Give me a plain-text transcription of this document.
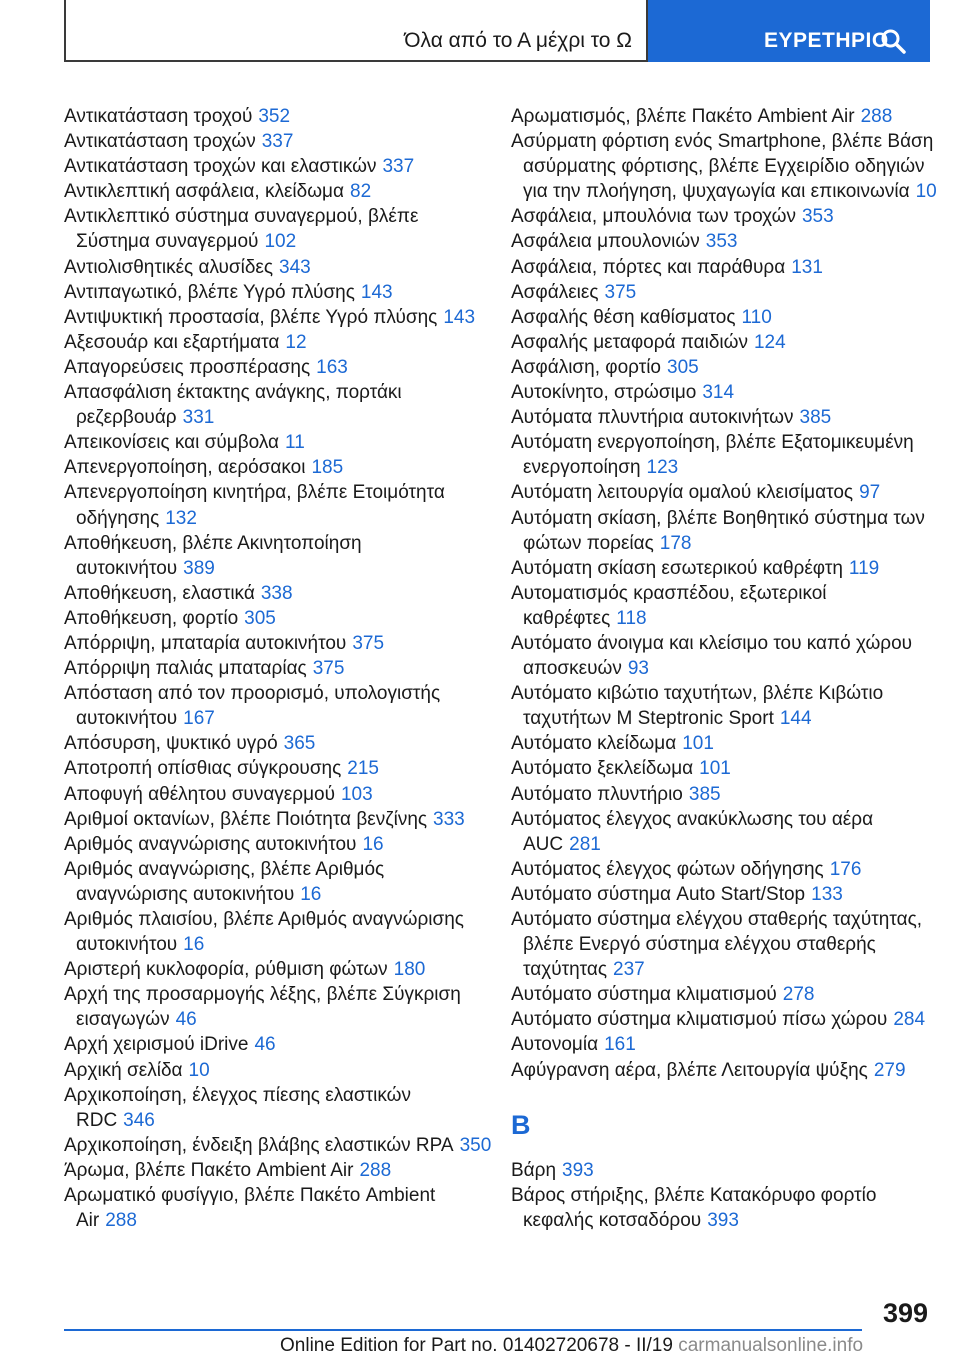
Όλα από το Α μέχρι το Ω	ΕΥΡΕΤΗΡΙΟ

Αντικατάσταση τροχού 352

Αντικατάσταση τροχών 337

Αντικατάσταση τροχών και ελαστικών 337

Αντικλεπτική ασφάλεια, κλείδωμα 82

Αντικλεπτικό σύστημα συναγερμού, βλέπε Σύστημα συναγερμού 102

Αντιολισθητικές αλυσίδες 343

Αντιπαγωτικό, βλέπε Υγρό πλύσης 143

Αντιψυκτική προστασία, βλέπε Υγρό πλύσης 143

Αξεσουάρ και εξαρτήματα 12

Απαγορεύσεις προσπέρασης 163

Απασφάλιση έκτακτης ανάγκης, πορτάκι ρεζερβουάρ 331

Απεικονίσεις και σύμβολα 11

Απενεργοποίηση, αερόσακοι 185

Απενεργοποίηση κινητήρα, βλέπε Ετοιμότητα οδήγησης 132

Αποθήκευση, βλέπε Ακινητοποίηση αυτοκινήτου 389

Αποθήκευση, ελαστικά 338

Αποθήκευση, φορτίο 305

Απόρριψη, μπαταρία αυτοκινήτου 375

Απόρριψη παλιάς μπαταρίας 375

Απόσταση από τον προορισμό, υπολογιστής αυτοκινήτου 167

Απόσυρση, ψυκτικό υγρό 365

Αποτροπή οπίσθιας σύγκρουσης 215

Αποφυγή αθέλητου συναγερμού 103

Αριθμοί οκτανίων, βλέπε Ποιότητα βενζίνης 333

Αριθμός αναγνώρισης αυτοκινήτου 16

Αριθμός αναγνώρισης, βλέπε Αριθμός αναγνώρισης αυτοκινήτου 16

Αριθμός πλαισίου, βλέπε Αριθμός αναγνώρισης αυτοκινήτου 16

Αριστερή κυκλοφορία, ρύθμιση φώτων 180

Αρχή της προσαρμογής λέξης, βλέπε Σύγκριση εισαγωγών 46

Αρχή χειρισμού iDrive 46

Αρχική σελίδα 10

Αρχικοποίηση, έλεγχος πίεσης ελαστικών RDC 346

Αρχικοποίηση, ένδειξη βλάβης ελαστικών RPA 350

Άρωμα, βλέπε Πακέτο Ambient Air 288

Αρωματικό φυσίγγιο, βλέπε Πακέτο Ambient Air 288

Αρωματισμός, βλέπε Πακέτο Ambient Air 288

Ασύρματη φόρτιση ενός Smartphone, βλέπε Βάση ασύρματης φόρτισης, βλέπε Εγχειρίδιο οδηγιών για την πλοήγηση, ψυχαγωγία και επικοινωνία 10

Ασφάλεια, μπουλόνια των τροχών 353

Ασφάλεια μπουλονιών 353

Ασφάλεια, πόρτες και παράθυρα 131

Ασφάλειες 375

Ασφαλής θέση καθίσματος 110

Ασφαλής μεταφορά παιδιών 124

Ασφάλιση, φορτίο 305

Αυτοκίνητο, στρώσιμο 314

Αυτόματα πλυντήρια αυτοκινήτων 385

Αυτόματη ενεργοποίηση, βλέπε Εξατομικευμένη ενεργοποίηση 123

Αυτόματη λειτουργία ομαλού κλεισίματος 97

Αυτόματη σκίαση, βλέπε Βοηθητικό σύστημα των φώτων πορείας 178

Αυτόματη σκίαση εσωτερικού καθρέφτη 119

Αυτοματισμός κρασπέδου, εξωτερικοί καθρέφτες 118

Αυτόματο άνοιγμα και κλείσιμο του καπό χώρου αποσκευών 93

Αυτόματο κιβώτιο ταχυτήτων, βλέπε Κιβώτιο ταχυτήτων M Steptronic Sport 144

Αυτόματο κλείδωμα 101

Αυτόματο ξεκλείδωμα 101

Αυτόματο πλυντήριο 385

Αυτόματος έλεγχος ανακύκλωσης του αέρα AUC 281

Αυτόματος έλεγχος φώτων οδήγησης 176

Αυτόματο σύστημα Auto Start/Stop 133

Αυτόματο σύστημα ελέγχου σταθερής ταχύτητας, βλέπε Ενεργό σύστημα ελέγχου σταθερής ταχύτητας 237

Αυτόματο σύστημα κλιματισμού 278

Αυτόματο σύστημα κλιματισμού πίσω χώρου 284

Αυτονομία 161

Αφύγρανση αέρα, βλέπε Λειτουργία ψύξης 279

B

Βάρη 393

Βάρος στήριξης, βλέπε Κατακόρυφο φορτίο κεφαλής κοτσαδόρου 393

399
Online Edition for Part no. 01402720678 - II/19 carmanualsonline.info
